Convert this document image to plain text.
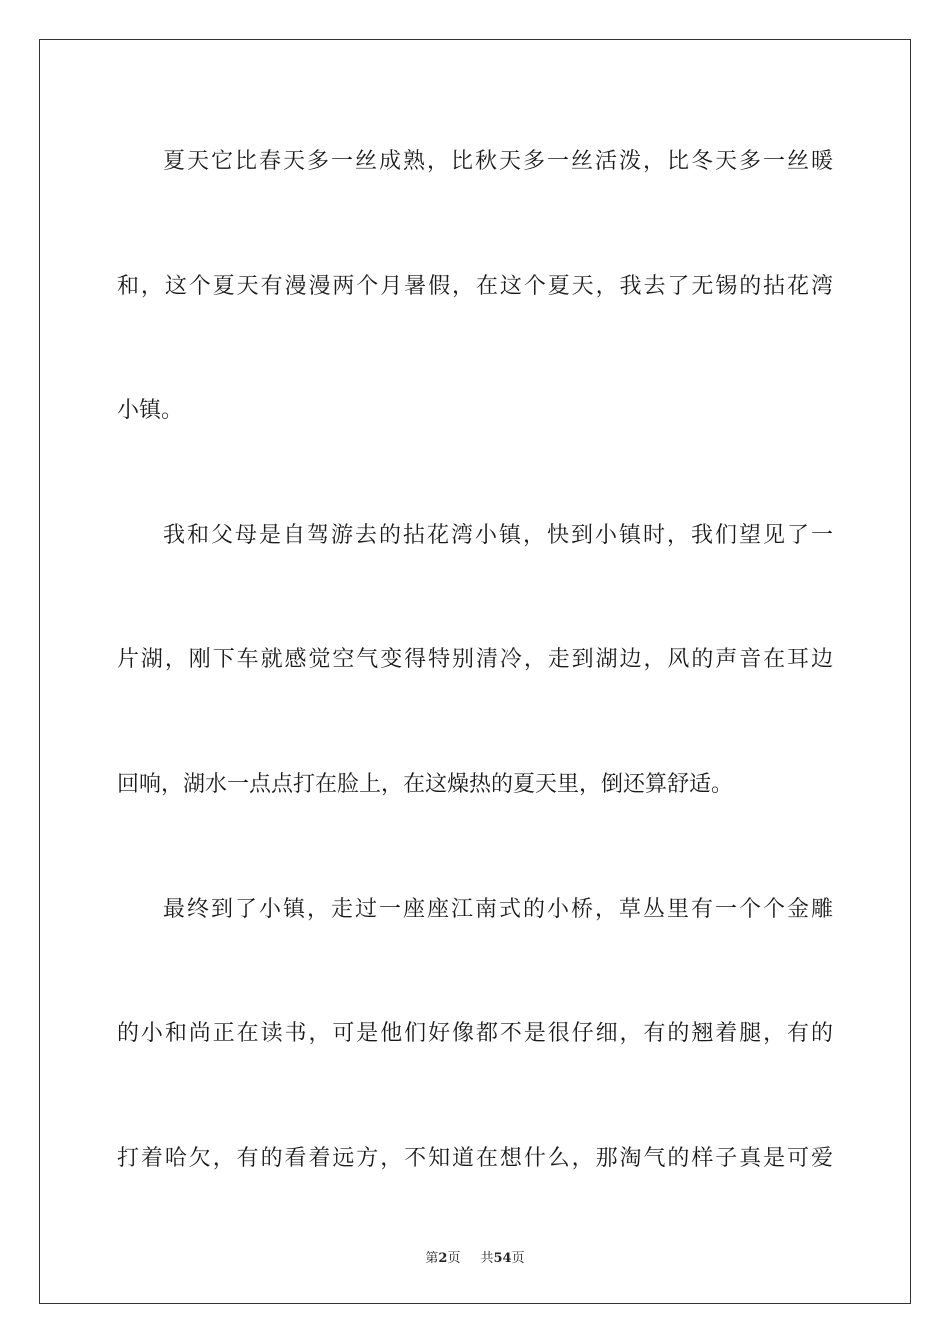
夏天它比春天多一丝成熟，比秋天多一丝活泼，比冬天多一丝暖
和，这个夏天有漫漫两个月暑假，在这个夏天，我去了无锡的拈花湾
小镇。
我和父母是自驾游去的拈花湾小镇，快到小镇时，我们望见了一
片湖，刚下车就感觉空气变得特别清冷，走到湖边，风的声音在耳边
回响，湖水一点点打在脸上，在这燥热的夏天里，倒还算舒适。
最终到了小镇，走过一座座江南式的小桥，草丛里有一个个金雕
的小和尚正在读书，可是他们好像都不是很仔细，有的翘着腿，有的
打着哈欠，有的看着远方，不知道在想什么，那淘气的样子真是可爱
第2页 共54页
